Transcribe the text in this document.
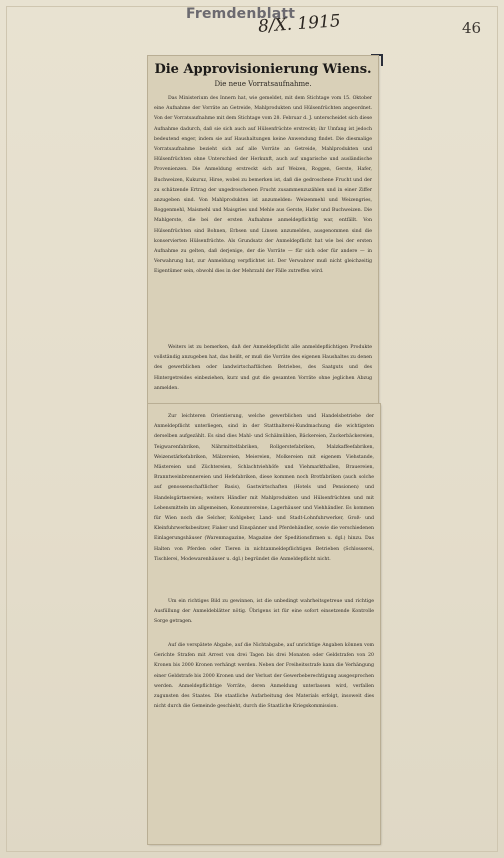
Fremdenblatt
8/X. 1915	46
Die Approvisionierung Wiens.
Die neue Vorratsaufnahme.
Das Ministerium des Innern hat, wie gemeldet, mit dem Stichtage vom 15. Oktober eine Aufnahme der Vorräte an Getreide, Mahlprodukten und Hülsenfrüchten angeordnet. Von der Vorratsaufnahme mit dem Stichtage vom 28. Februar d. J. unterscheidet sich diese Aufnahme dadurch, daß sie sich auch auf Hülsenfrüchte erstreckt; ihr Umfang ist jedoch bedeutend enger, indem sie auf Haushaltungen keine Anwendung findet. Die diesmalige Vorratsaufnahme bezieht sich auf alle Vorräte an Getreide, Mahlprodukten und Hülsenfrüchten ohne Unterschied der Herkunft, auch auf ungarische und ausländische Provenienzen. Die Anmeldung erstreckt sich auf Weizen, Roggen, Gerste, Hafer, Buchweizen, Kukuruz, Hirse, wobei zu bemerken ist, daß die gedroschene Frucht und der zu schätzende Ertrag der ungedroschenen Frucht zusammenzuzählen und in einer Ziffer anzugeben sind. Von Mahlprodukten ist anzumelden: Weizenmehl und Weizengries, Roggenmehl, Maismehl und Maisgries und Mehle aus Gerste, Hafer und Buchweizen. Die Mahlgerste, die bei der ersten Aufnahme anmeldepflichtig war, entfällt. Von Hülsenfrüchten sind Bohnen, Erbsen und Linsen anzumelden, ausgenommen sind die konservierten Hülsenfrüchte. Als Grundsatz der Anmeldepflicht hat wie bei der ersten Aufnahme zu gelten, daß derjenige, der die Vorräte — für sich oder für andere — in Verwahrung hat, zur Anmeldung verpflichtet ist. Der Verwahrer muß nicht gleichzeitig Eigentümer sein, obwohl dies in der Mehrzahl der Fälle zutreffen wird.
Weiters ist zu bemerken, daß der Anmeldepflicht alle anmeldepflichtigen Produkte vollständig anzugeben hat, das heißt, er muß die Vorräte des eigenen Haushaltes zu denen des gewerblichen oder landwirtschaftlichen Betriebes, des Saatguts und des Hintergetreides einbeziehen, kurz und gut die gesamten Vorräte ohne jeglichen Abzug anmelden.
Zur leichteren Orientierung, welche gewerblichen und Handelsbetriebe der Anmeldepflicht unterliegen, sind in der Statthalterei-Kundmachung die wichtigsten derselben aufgezählt. Es sind dies Mahl- und Schälmühlen, Bäckereien, Zuckerbäckereien, Teigwarenfabriken, Nährmittelfabriken, Rollgerstefabriken, Malzkaffeefabriken, Weizenstärkefabriken, Mälzereien, Meiereien, Molkereien mit eigenem Viehstande, Mästereien und Züchtereien, Schlachtviehhöfe und Viehmarkthallen, Brauereien, Branntweinbrennereien und Hefefabriken, diese kommen noch Brotfabriken (auch solche auf genossenschaftlicher Basis), Gastwirtschaften (Hotels und Pensionen) und Handelsgärtnereien; weiters Händler mit Mahlprodukten und Hülsenfrüchten und mit Lebensmitteln im allgemeinen, Konsumvereine, Lagerhäuser und Viehhändler. Es kommen für Wien noch die Selcher, Kohlgeber, Land- und Stadt-Lohnfuhrwerker, Groß- und Kleinfuhrwerksbesitzer, Fiaker und Einspänner und Pferdehändler, sowie die verschiedenen Einlagerungshäuser (Warenmagazine, Magazine der Speditionsfirmen u. dgl.) hinzu. Das Halten von Pferden oder Tieren in nichtanmeldepflichtigen Betrieben (Schlosserei, Tischlerei, Modewarenhäuser u. dgl.) begründet die Anmeldepflicht nicht.
Um ein richtiges Bild zu gewinnen, ist die unbedingt wahrheitsgetreue und richtige Ausfüllung der Anmeldeblätter nötig. Übrigens ist für eine sofort einsetzende Kontrolle Sorge getragen.
Auf die verspätete Abgabe, auf die Nichtabgabe, auf unrichtige Angaben können vom Gerichte Strafen mit Arrest von drei Tagen bis drei Monaten oder Geldstrafen von 20 Kronen bis 2000 Kronen verhängt werden. Neben der Freiheitsstrafe kann die Verhängung einer Geldstrafe bis 2000 Kronen und der Verlust der Gewerbeberechtigung ausgesprochen werden. Anmeldepflichtige Vorräte, deren Anmeldung unterlassen wird, verfallen zugunsten des Staates. Die staatliche Aufarbeitung des Materials erfolgt, insoweit dies nicht durch die Gemeinde geschieht, durch die Staatliche Kriegskommission.
